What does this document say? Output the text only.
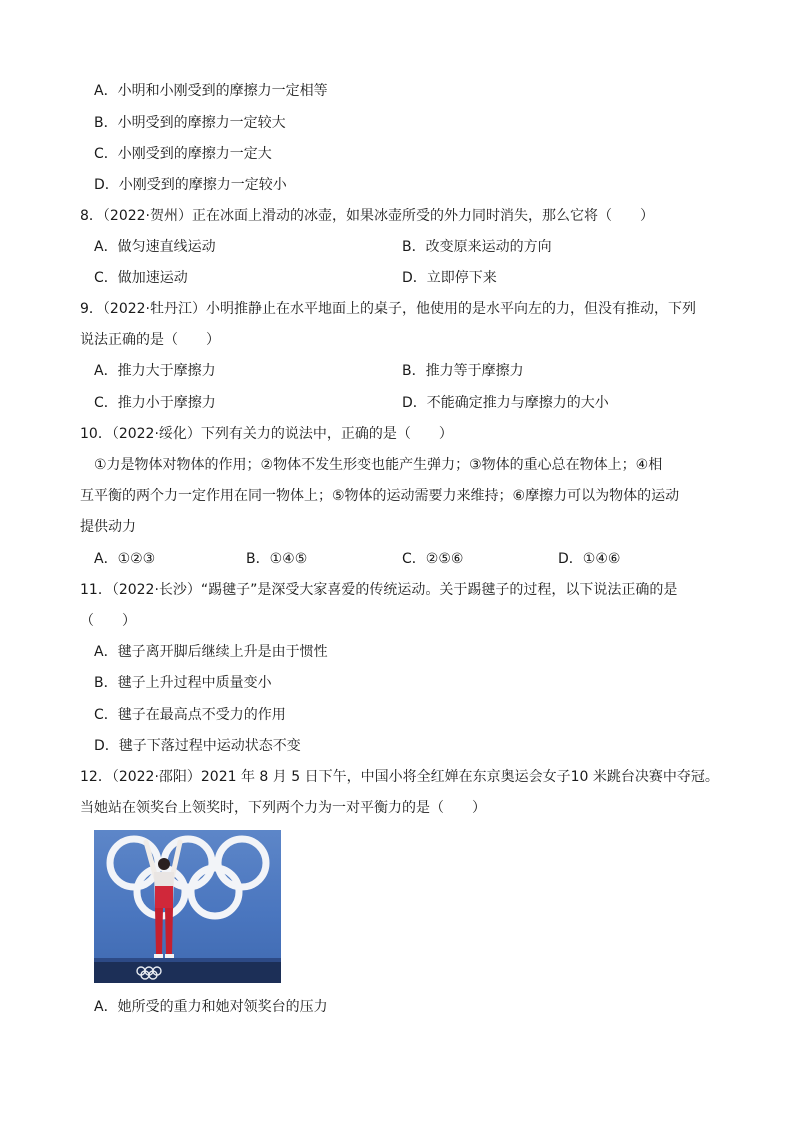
A．小明和小刚受到的摩擦力一定相等
B．小明受到的摩擦力一定较大
C．小刚受到的摩擦力一定大
D．小刚受到的摩擦力一定较小
8．（2022·贺州）正在冰面上滑动的冰壶，如果冰壶所受的外力同时消失，那么它将（　　）
A．做匀速直线运动	B．改变原来运动的方向
C．做加速运动	D．立即停下来
9．（2022·牡丹江）小明推静止在水平地面上的桌子，他使用的是水平向左的力，但没有推动，下列
说法正确的是（　　）
A．推力大于摩擦力	B．推力等于摩擦力
C．推力小于摩擦力	D．不能确定推力与摩擦力的大小
10．（2022·绥化）下列有关力的说法中，正确的是（　　）
①力是物体对物体的作用；②物体不发生形变也能产生弹力；③物体的重心总在物体上；④相
互平衡的两个力一定作用在同一物体上；⑤物体的运动需要力来维持；⑥摩擦力可以为物体的运动
提供动力
A．①②③	B．①④⑤	C．②⑤⑥	D．①④⑥
11．（2022·长沙）“踢毽子”是深受大家喜爱的传统运动。关于踢毽子的过程，以下说法正确的是
（　　）
A．毽子离开脚后继续上升是由于惯性
B．毽子上升过程中质量变小
C．毽子在最高点不受力的作用
D．毽子下落过程中运动状态不变
12．（2022·邵阳）2021 年 8 月 5 日下午，中国小将全红婵在东京奥运会女子10 米跳台决赛中夺冠。
当她站在领奖台上领奖时，下列两个力为一对平衡力的是（　　）
A．她所受的重力和她对领奖台的压力
